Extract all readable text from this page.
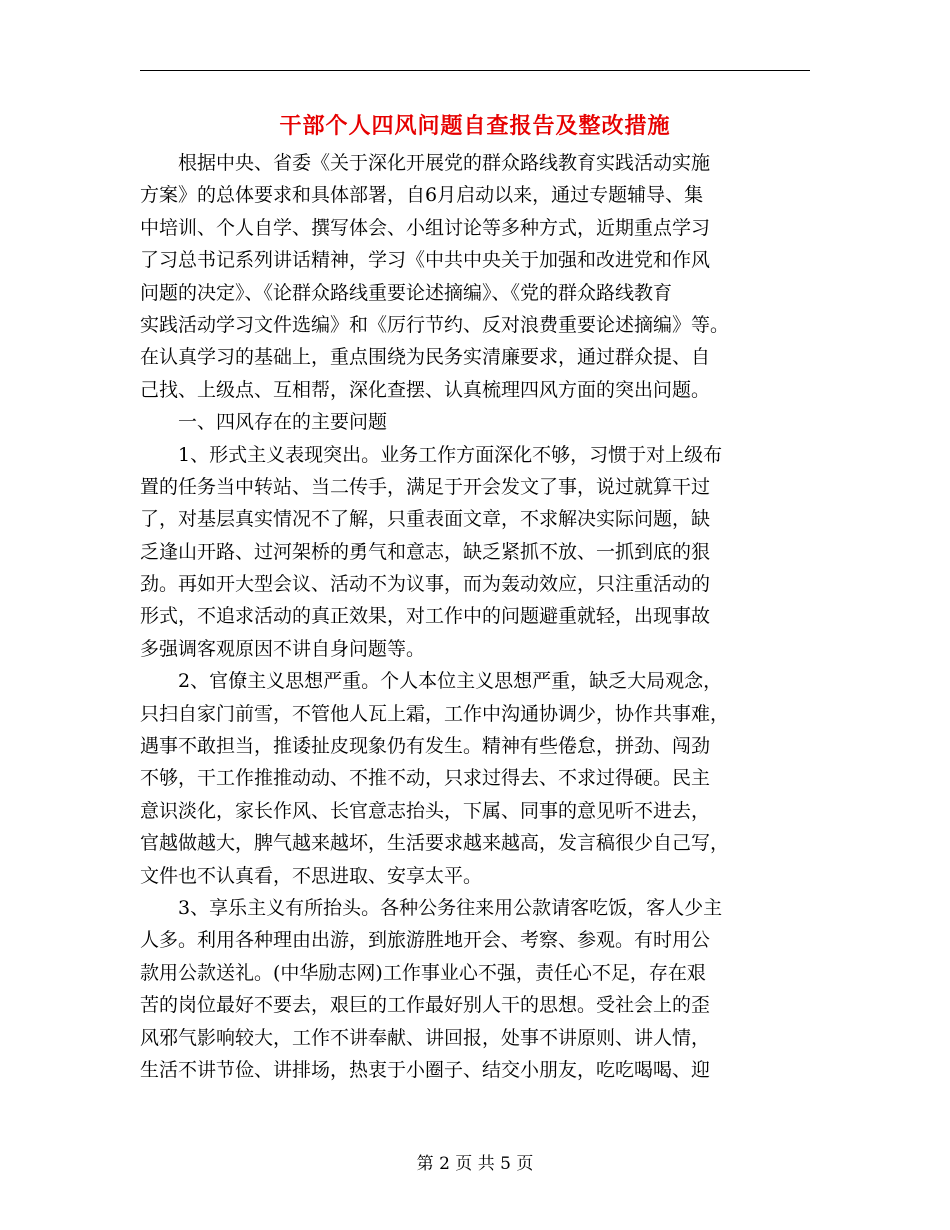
干部个人四风问题自查报告及整改措施
　　根据中央、省委《关于深化开展党的群众路线教育实践活动实施
方案》的总体要求和具体部署，自6月启动以来，通过专题辅导、集
中培训、个人自学、撰写体会、小组讨论等多种方式，近期重点学习
了习总书记系列讲话精神，学习《中共中央关于加强和改进党和作风
问题的决定》、《论群众路线重要论述摘编》、《党的群众路线教育
实践活动学习文件选编》和《厉行节约、反对浪费重要论述摘编》等。
在认真学习的基础上，重点围绕为民务实清廉要求，通过群众提、自
己找、上级点、互相帮，深化查摆、认真梳理四风方面的突出问题。
　　一、四风存在的主要问题
　　1、形式主义表现突出。业务工作方面深化不够，习惯于对上级布
置的任务当中转站、当二传手，满足于开会发文了事，说过就算干过
了，对基层真实情况不了解，只重表面文章，不求解决实际问题，缺
乏逢山开路、过河架桥的勇气和意志，缺乏紧抓不放、一抓到底的狠
劲。再如开大型会议、活动不为议事，而为轰动效应，只注重活动的
形式，不追求活动的真正效果，对工作中的问题避重就轻，出现事故
多强调客观原因不讲自身问题等。
　　2、官僚主义思想严重。个人本位主义思想严重，缺乏大局观念，
只扫自家门前雪，不管他人瓦上霜，工作中沟通协调少，协作共事难，
遇事不敢担当，推诿扯皮现象仍有发生。精神有些倦怠，拼劲、闯劲
不够，干工作推推动动、不推不动，只求过得去、不求过得硬。民主
意识淡化，家长作风、长官意志抬头，下属、同事的意见听不进去，
官越做越大，脾气越来越坏，生活要求越来越高，发言稿很少自己写，
文件也不认真看，不思进取、安享太平。
　　3、享乐主义有所抬头。各种公务往来用公款请客吃饭，客人少主
人多。利用各种理由出游，到旅游胜地开会、考察、参观。有时用公
款用公款送礼。(中华励志网)工作事业心不强，责任心不足，存在艰
苦的岗位最好不要去，艰巨的工作最好别人干的思想。受社会上的歪
风邪气影响较大，工作不讲奉献、讲回报，处事不讲原则、讲人情，
生活不讲节俭、讲排场，热衷于小圈子、结交小朋友，吃吃喝喝、迎
第 2 页 共 5 页
